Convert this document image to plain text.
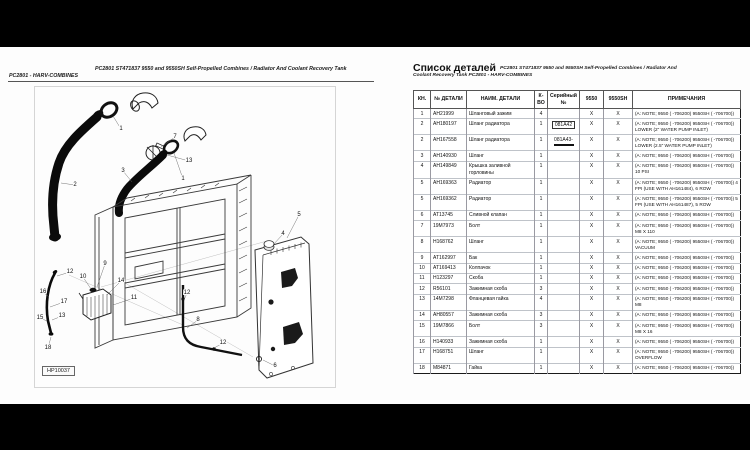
PC2801 ST471837 9550 and 9550SH Self-Propelled Combines / Radiator And Coolant Recovery Tank
PC2801 - HARV-COMBINES
1
2
7
13
1
3
5
4
12
8
12
6
9
10
14
11
12
16
17
15	13
18
HP10037
Список деталей PC2801 ST471837 9550 and 9550SH Self-Propelled Combines / Radiator And
Coolant Recovery Tank PC2801 - HARV-COMBINES
КН.	№ ДЕТАЛИ	НАИМ. ДЕТАЛИ	К-ВО	Серийный №	9550	9550SH	ПРИМЕЧАНИЯ
1	AH21999	Шланговый зажим	4		X	X	(A: NOTE; 9550 ( -706200) 9550SH ( -706700))
2	AH180197	Шланг радиатора	1	081A42	X	X	(A: NOTE; 9550 ( -706200) 9550SH ( -706700)) LOWER (2" WATER PUMP INLET)
2	AH167558	Шланг радиатора	1	081A43-	X	X	(A: NOTE; 9550 ( -706200) 9550SH ( -706700)) LOWER (2.5" WATER PUMP INLET)
3	AH140930	Шланг	1		X	X	(A: NOTE; 9550 ( -706200) 9550SH ( -706700))
4	AH149849	Крышка заливной горловины	1		X	X	(A: NOTE; 9550 ( -706200) 9550SH ( -706700)) 10 PSI
5	AH169363	Радиатор	1		X	X	(A: NOTE; 9550 ( -706200) 9550SH ( -706700)) 4 FPI (USE WITH AH161484), 6 ROW
5	AH169362	Радиатор	1		X	X	(A: NOTE; 9550 ( -706200) 9550SH ( -706700)) 5 FPI (USE WITH AH161487), 5 ROW
6	AT13745	Сливной клапан	1		X	X	(A: NOTE; 9550 ( -706200) 9550SH ( -706700))
7	19M7973	Болт	1		X	X	(A: NOTE; 9550 ( -706200) 9550SH ( -706700)) M8 X 110
8	H168762	Шланг	1		X	X	(A: NOTE; 9550 ( -706200) 9550SH ( -706700)) VACUUM
9	AT162997	Бак	1		X	X	(A: NOTE; 9550 ( -706200) 9550SH ( -706700))
10	AT169413	Колпачок	1		X	X	(A: NOTE; 9550 ( -706200) 9550SH ( -706700))
11	H123297	Скоба	1		X	X	(A: NOTE; 9550 ( -706200) 9550SH ( -706700))
12	R56101	Зажимная скоба	3		X	X	(A: NOTE; 9550 ( -706200) 9550SH ( -706700))
13	14M7298	Фланцевая гайка	4		X	X	(A: NOTE; 9550 ( -706200) 9550SH ( -706700)) M8
14	AH80557	Зажимная скоба	3		X	X	(A: NOTE; 9550 ( -706200) 9550SH ( -706700))
15	19M7866	Болт	3		X	X	(A: NOTE; 9550 ( -706200) 9550SH ( -706700)) M8 X 16
16	H140933	Зажимная скоба	1		X	X	(A: NOTE; 9550 ( -706200) 9550SH ( -706700))
17	H168751	Шланг	1		X	X	(A: NOTE; 9550 ( -706200) 9550SH ( -706700)) OVERFLOW
18	M84871	Гайка	1		X	X	(A: NOTE; 9550 ( -706200) 9550SH ( -706700))
